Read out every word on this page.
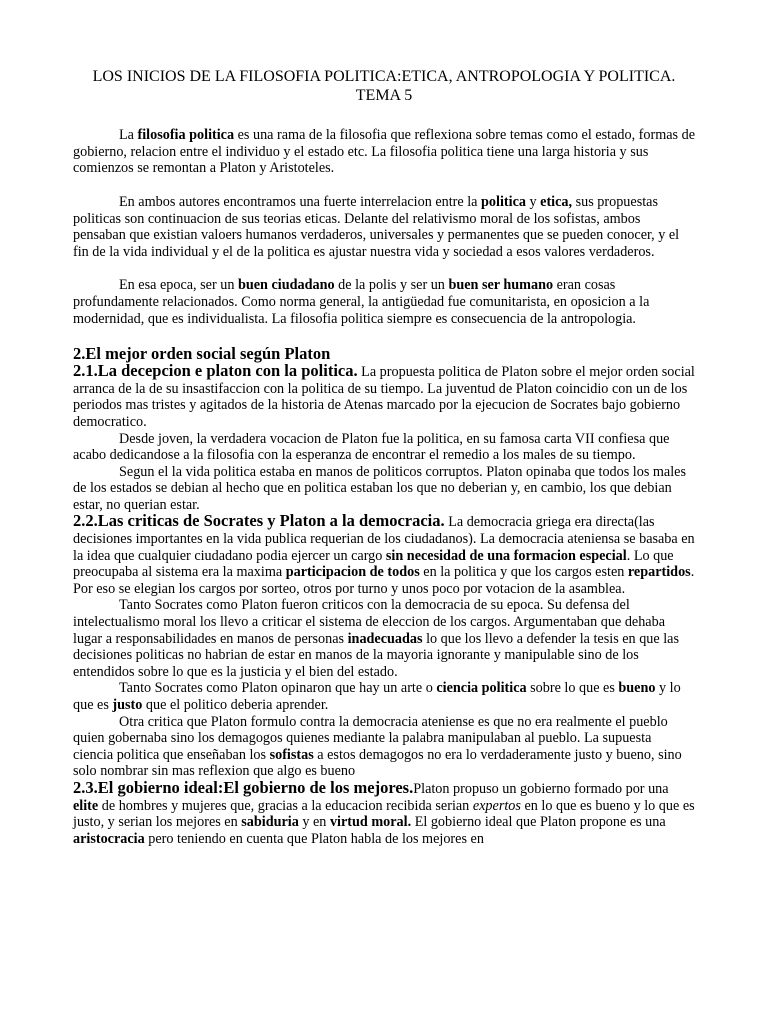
LOS INICIOS DE LA FILOSOFIA POLITICA:ETICA, ANTROPOLOGIA Y POLITICA. TEMA 5

La filosofia politica es una rama de la filosofia que reflexiona sobre temas como el estado, formas de gobierno, relacion entre el individuo y el estado etc. La filosofia politica tiene una larga historia y sus comienzos se remontan a Platon y Aristoteles.

En ambos autores encontramos una fuerte interrelacion entre la politica y etica, sus propuestas politicas son continuacion de sus teorias eticas. Delante del relativismo moral de los sofistas, ambos pensaban que existian valoers humanos verdaderos, universales y permanentes que se pueden conocer, y el fin de la vida individual y el de la politica es ajustar nuestra vida y sociedad a esos valores verdaderos.

En esa epoca, ser un buen ciudadano de la polis y ser un buen ser humano eran cosas profundamente relacionados. Como norma general, la antigüedad fue comunitarista, en oposicion a la modernidad, que es individualista. La filosofia politica siempre es consecuencia de la antropologia.

2.El mejor orden social según Platon

2.1.La decepcion e platon con la politica. La propuesta politica de Platon sobre el mejor orden social arranca de la de su insastifaccion con la politica de su tiempo. La juventud de Platon coincidio con un de los periodos mas tristes y agitados de la historia de Atenas marcado por la ejecucion de Socrates bajo gobierno democratico.

Desde joven, la verdadera vocacion de Platon fue la politica, en su famosa carta VII confiesa que acabo dedicandose a la filosofia con la esperanza de encontrar el remedio a los males de su tiempo.

Segun el la vida politica estaba en manos de politicos corruptos. Platon opinaba que todos los males de los estados se debian al hecho que en politica estaban los que no deberian y, en cambio, los que debian estar, no querian estar.

2.2.Las criticas de Socrates y Platon a la democracia. La democracia griega era directa(las decisiones importantes en la vida publica requerian de los ciudadanos). La democracia ateniensa se basaba en la idea que cualquier ciudadano podia ejercer un cargo sin necesidad de una formacion especial. Lo que preocupaba al sistema era la maxima participacion de todos en la politica y que los cargos esten repartidos. Por eso se elegian los cargos por sorteo, otros por turno y unos poco por votacion de la asamblea.

Tanto Socrates como Platon fueron criticos con la democracia de su epoca. Su defensa del intelectualismo moral los llevo a criticar el sistema de eleccion de los cargos. Argumentaban que dehaba lugar a responsabilidades en manos de personas inadecuadas lo que los llevo a defender la tesis en que las decisiones politicas no habrian de estar en manos de la mayoria ignorante y manipulable sino de los entendidos sobre lo que es la justicia y el bien del estado.

Tanto Socrates como Platon opinaron que hay un arte o ciencia politica sobre lo que es bueno y lo que es justo que el politico deberia aprender.

Otra critica que Platon formulo contra la democracia ateniense es que no era realmente el pueblo quien gobernaba sino los demagogos quienes mediante la palabra manipulaban al pueblo. La supuesta ciencia politica que enseñaban los sofistas a estos demagogos no era lo verdaderamente justo y bueno, sino solo nombrar sin mas reflexion que algo es bueno

2.3.El gobierno ideal:El gobierno de los mejores.Platon propuso un gobierno formado por una elite de hombres y mujeres que, gracias a la educacion recibida serian expertos en lo que es bueno y lo que es justo, y serian los mejores en sabiduria y en virtud moral. El gobierno ideal que Platon propone es una aristocracia pero teniendo en cuenta que Platon habla de los mejores en
